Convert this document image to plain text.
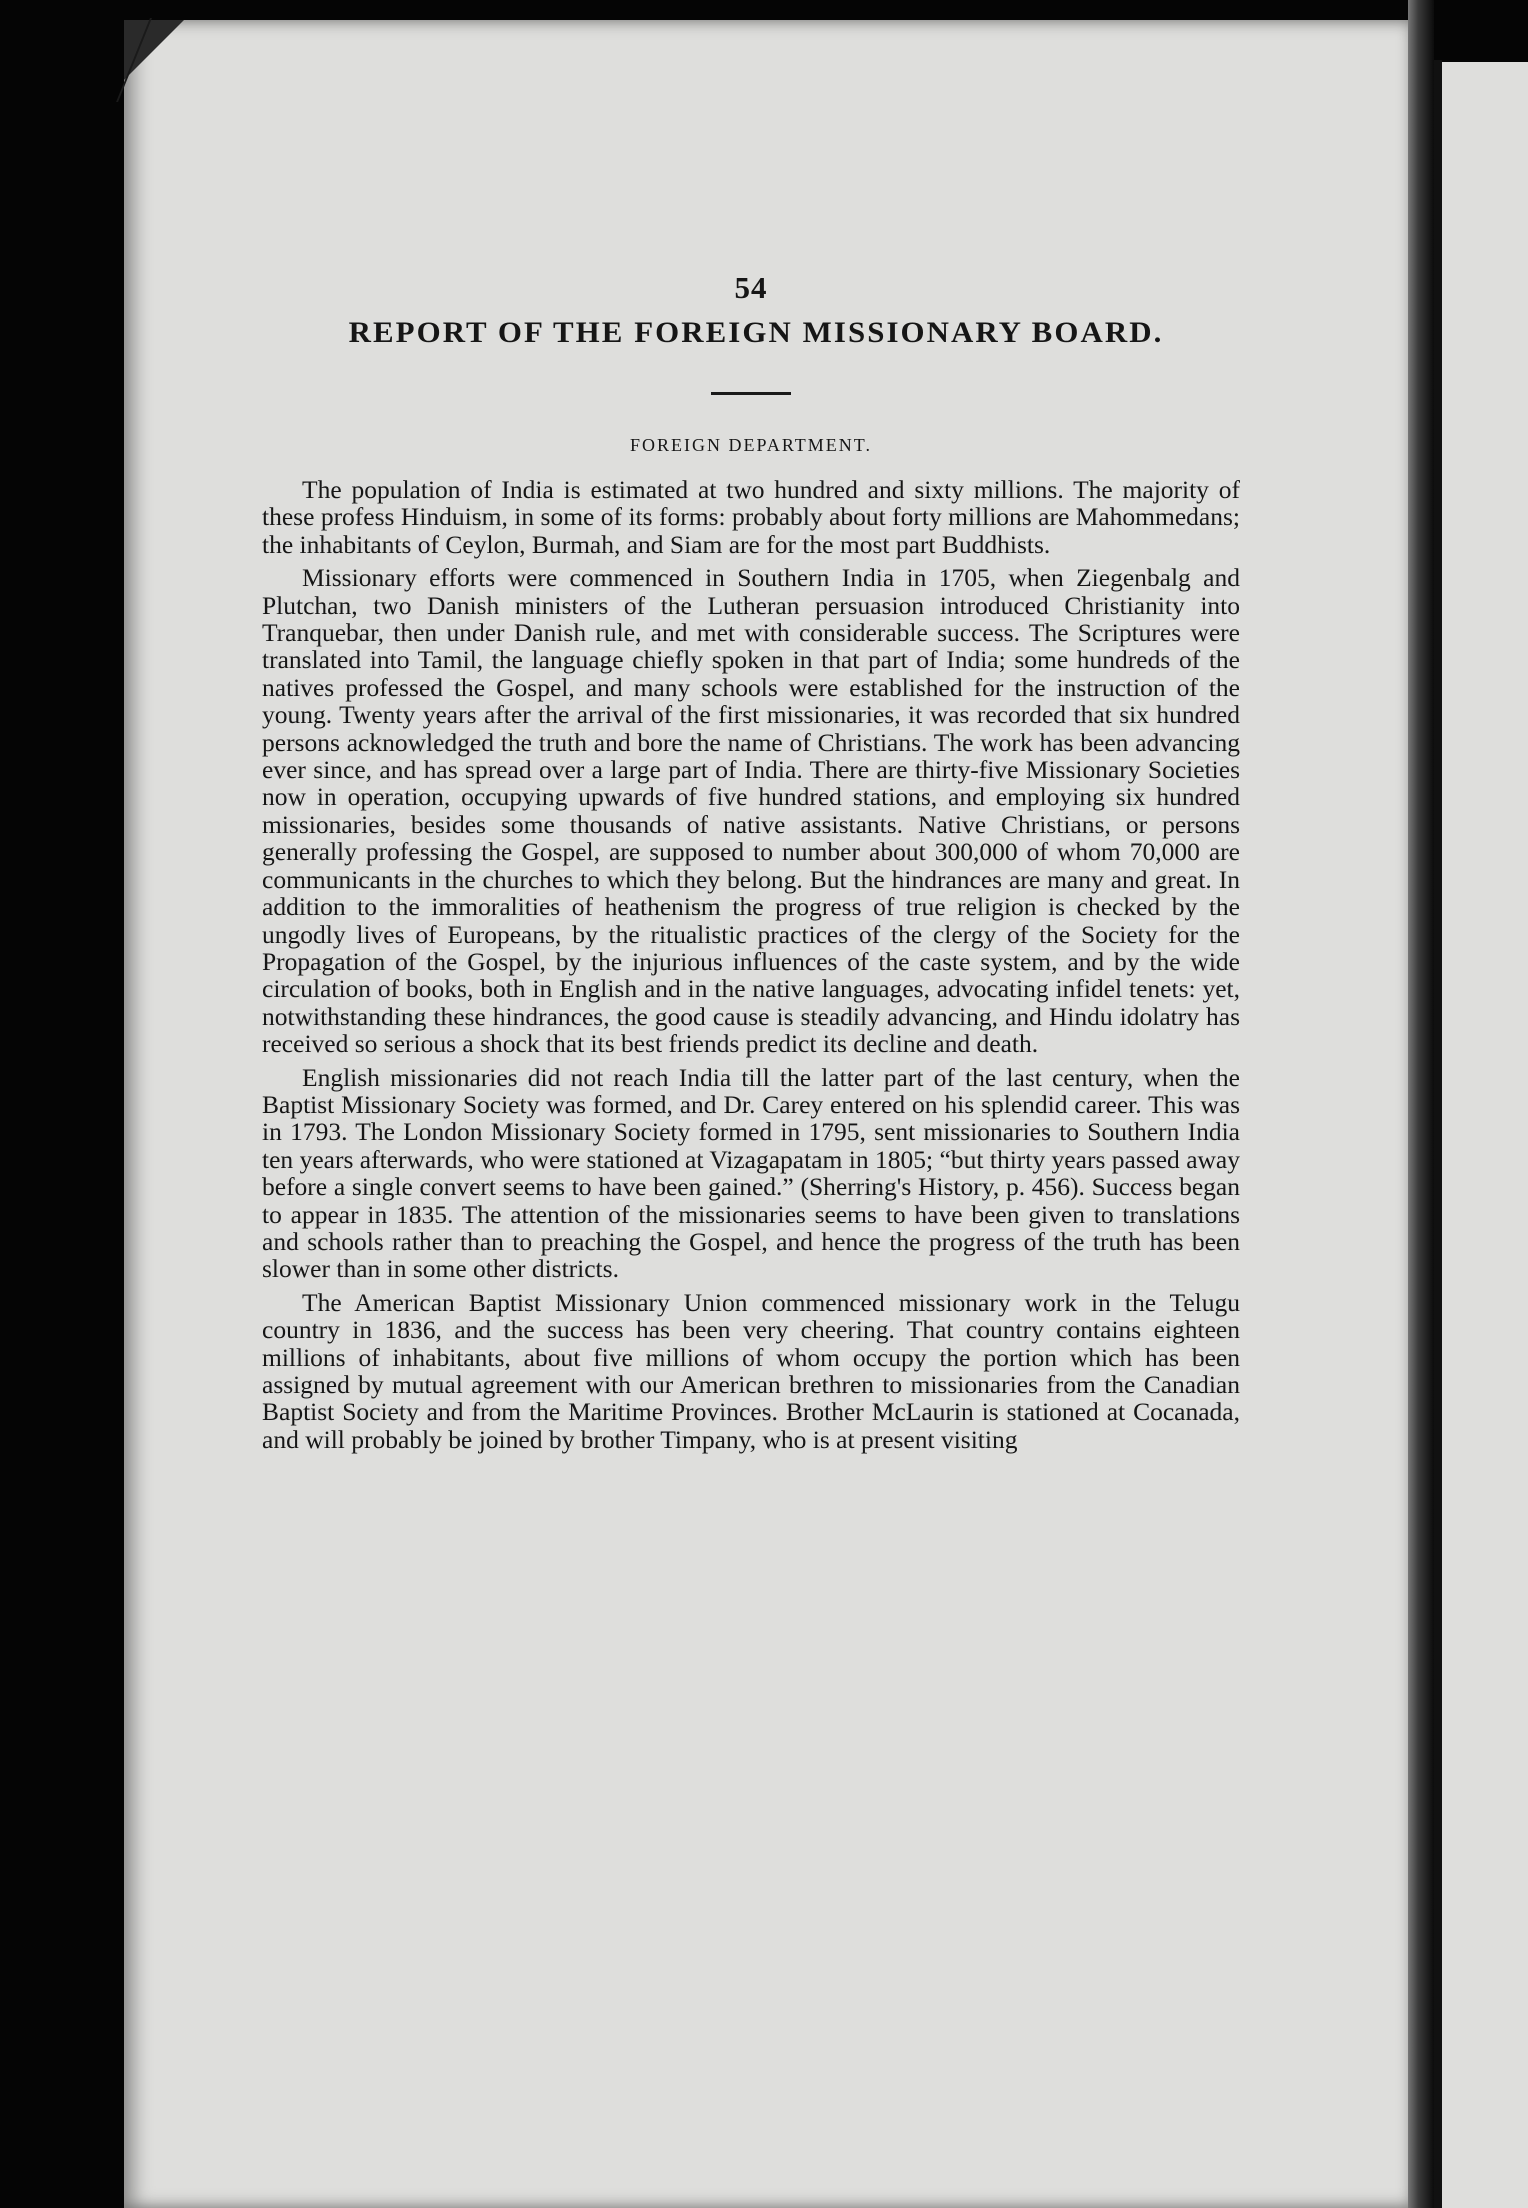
54
REPORT OF THE FOREIGN MISSIONARY BOARD.
FOREIGN DEPARTMENT.

The population of India is estimated at two hundred and sixty millions. The majority of these profess Hinduism, in some of its forms: probably about forty millions are Mahommedans; the inhabitants of Ceylon, Burmah, and Siam are for the most part Buddhists.

Missionary efforts were commenced in Southern India in 1705, when Ziegenbalg and Plutchan, two Danish ministers of the Lutheran persuasion introduced Christianity into Tranquebar, then under Danish rule, and met with considerable success. The Scriptures were translated into Tamil, the language chiefly spoken in that part of India; some hundreds of the natives professed the Gospel, and many schools were established for the instruction of the young. Twenty years after the arrival of the first missionaries, it was recorded that six hundred persons acknowledged the truth and bore the name of Christians. The work has been advancing ever since, and has spread over a large part of India. There are thirty-five Missionary Societies now in operation, occupying upwards of five hundred stations, and employing six hundred missionaries, besides some thousands of native assistants. Native Christians, or persons generally professing the Gospel, are supposed to number about 300,000 of whom 70,000 are communicants in the churches to which they belong. But the hindrances are many and great. In addition to the immoralities of heathenism the progress of true religion is checked by the ungodly lives of Europeans, by the ritualistic practices of the clergy of the Society for the Propagation of the Gospel, by the injurious influences of the caste system, and by the wide circulation of books, both in English and in the native languages, advocating infidel tenets: yet, notwithstanding these hindrances, the good cause is steadily advancing, and Hindu idolatry has received so serious a shock that its best friends predict its decline and death.

English missionaries did not reach India till the latter part of the last century, when the Baptist Missionary Society was formed, and Dr. Carey entered on his splendid career. This was in 1793. The London Missionary Society formed in 1795, sent missionaries to Southern India ten years afterwards, who were stationed at Vizagapatam in 1805; “but thirty years passed away before a single convert seems to have been gained.” (Sherring's History, p. 456). Success began to appear in 1835. The attention of the missionaries seems to have been given to translations and schools rather than to preaching the Gospel, and hence the progress of the truth has been slower than in some other districts.

The American Baptist Missionary Union commenced missionary work in the Telugu country in 1836, and the success has been very cheering. That country contains eighteen millions of inhabitants, about five millions of whom occupy the portion which has been assigned by mutual agreement with our American brethren to missionaries from the Canadian Baptist Society and from the Maritime Provinces. Brother McLaurin is stationed at Cocanada, and will probably be joined by brother Timpany, who is at present visiting
